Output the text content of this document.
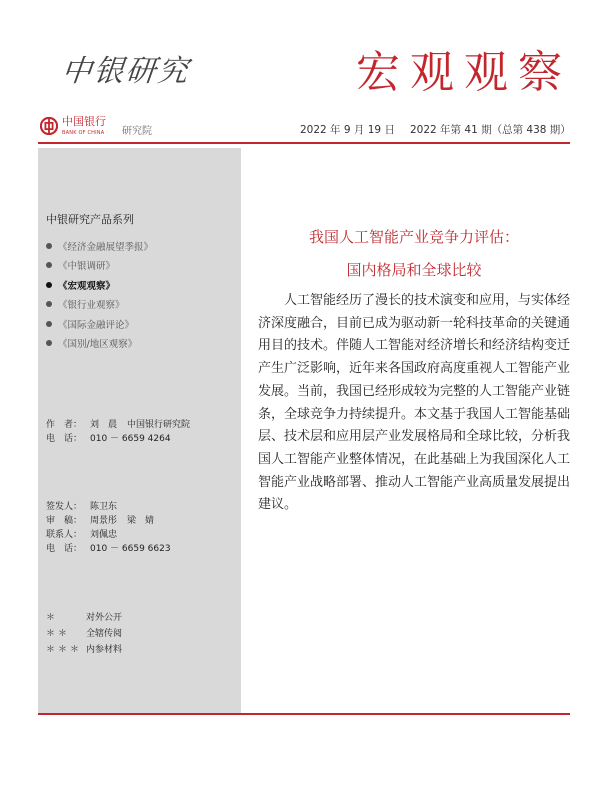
中银研究	宏观观察
中国银行
BANK OF CHINA 研究院	2022 年 9 月 19 日 2022 年第 41 期（总第 438 期）
中银研究产品系列
《经济金融展望季报》
《中银调研》
《宏观观察》
《银行业观察》
《国际金融评论》
《国别/地区观察》
作　者： 刘　晨 中国银行研究院
电　话： 010 － 6659 4264
签发人： 陈卫东
审　稿： 周景彤 梁　婧
联系人： 刘佩忠
电　话： 010 － 6659 6623
＊	对外公开
＊＊	全辖传阅
＊＊＊ 内参材料
我国人工智能产业竞争力评估：
国内格局和全球比较

人工智能经历了漫长的技术演变和应用，与实体经济深度融合，目前已成为驱动新一轮科技革命的关键通用目的技术。伴随人工智能对经济增长和经济结构变迁产生广泛影响，近年来各国政府高度重视人工智能产业发展。当前，我国已经形成较为完整的人工智能产业链条，全球竞争力持续提升。本文基于我国人工智能基础层、技术层和应用层产业发展格局和全球比较，分析我国人工智能产业整体情况，在此基础上为我国深化人工智能产业战略部署、推动人工智能产业高质量发展提出建议。
